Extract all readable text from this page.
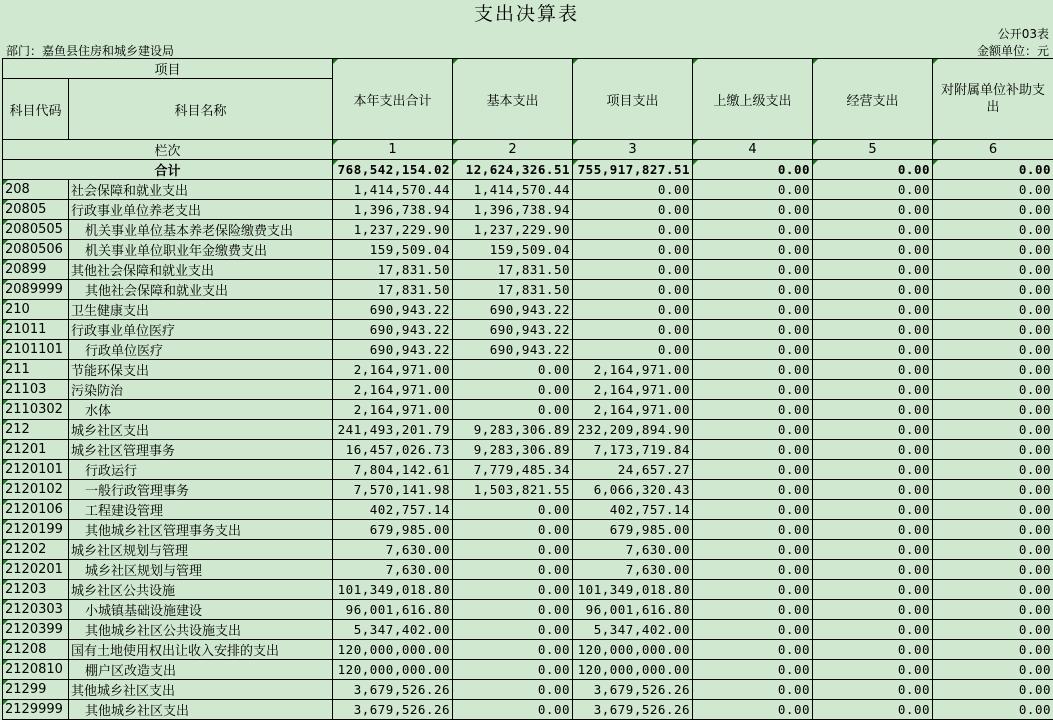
支出决算表
公开03表
部门：嘉鱼县住房和城乡建设局	金额单位：元
项目		本年支出合计	基本支出	项目支出	上缴上级支出	经营支出	对附属单位补助支出
科目代码	科目名称						
栏次		1	2	3	4	5	6
合计		768,542,154.02	12,624,326.51	755,917,827.51	0.00	0.00	0.00
208	社会保障和就业支出	1,414,570.44	1,414,570.44	0.00	0.00	0.00	0.00
20805	行政事业单位养老支出	1,396,738.94	1,396,738.94	0.00	0.00	0.00	0.00
2080505	机关事业单位基本养老保险缴费支出	1,237,229.90	1,237,229.90	0.00	0.00	0.00	0.00
2080506	机关事业单位职业年金缴费支出	159,509.04	159,509.04	0.00	0.00	0.00	0.00
20899	其他社会保障和就业支出	17,831.50	17,831.50	0.00	0.00	0.00	0.00
2089999	其他社会保障和就业支出	17,831.50	17,831.50	0.00	0.00	0.00	0.00
210	卫生健康支出	690,943.22	690,943.22	0.00	0.00	0.00	0.00
21011	行政事业单位医疗	690,943.22	690,943.22	0.00	0.00	0.00	0.00
2101101	行政单位医疗	690,943.22	690,943.22	0.00	0.00	0.00	0.00
211	节能环保支出	2,164,971.00	0.00	2,164,971.00	0.00	0.00	0.00
21103	污染防治	2,164,971.00	0.00	2,164,971.00	0.00	0.00	0.00
2110302	水体	2,164,971.00	0.00	2,164,971.00	0.00	0.00	0.00
212	城乡社区支出	241,493,201.79	9,283,306.89	232,209,894.90	0.00	0.00	0.00
21201	城乡社区管理事务	16,457,026.73	9,283,306.89	7,173,719.84	0.00	0.00	0.00
2120101	行政运行	7,804,142.61	7,779,485.34	24,657.27	0.00	0.00	0.00
2120102	一般行政管理事务	7,570,141.98	1,503,821.55	6,066,320.43	0.00	0.00	0.00
2120106	工程建设管理	402,757.14	0.00	402,757.14	0.00	0.00	0.00
2120199	其他城乡社区管理事务支出	679,985.00	0.00	679,985.00	0.00	0.00	0.00
21202	城乡社区规划与管理	7,630.00	0.00	7,630.00	0.00	0.00	0.00
2120201	城乡社区规划与管理	7,630.00	0.00	7,630.00	0.00	0.00	0.00
21203	城乡社区公共设施	101,349,018.80	0.00	101,349,018.80	0.00	0.00	0.00
2120303	小城镇基础设施建设	96,001,616.80	0.00	96,001,616.80	0.00	0.00	0.00
2120399	其他城乡社区公共设施支出	5,347,402.00	0.00	5,347,402.00	0.00	0.00	0.00
21208	国有土地使用权出让收入安排的支出	120,000,000.00	0.00	120,000,000.00	0.00	0.00	0.00
2120810	棚户区改造支出	120,000,000.00	0.00	120,000,000.00	0.00	0.00	0.00
21299	其他城乡社区支出	3,679,526.26	0.00	3,679,526.26	0.00	0.00	0.00
2129999	其他城乡社区支出	3,679,526.26	0.00	3,679,526.26	0.00	0.00	0.00
